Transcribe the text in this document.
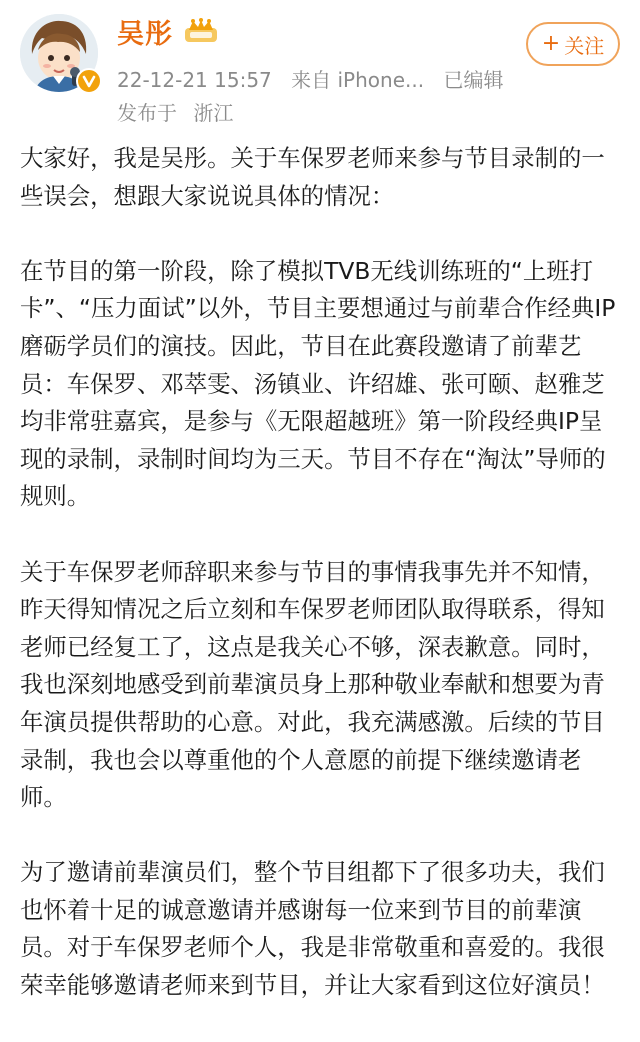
吴彤
22-12-21 15:57 来自 iPhone... 已编辑
发布于 浙江
+ 关注

大家好，我是吴彤。关于车保罗老师来参与节目录制的一些误会，想跟大家说说具体的情况：

在节目的第一阶段，除了模拟TVB无线训练班的“上班打卡”、“压力面试”以外，节目主要想通过与前辈合作经典IP磨砺学员们的演技。因此，节目在此赛段邀请了前辈艺员：车保罗、邓萃雯、汤镇业、许绍雄、张可颐、赵雅芝均非常驻嘉宾，是参与《无限超越班》第一阶段经典IP呈现的录制，录制时间均为三天。节目不存在“淘汰”导师的规则。

关于车保罗老师辞职来参与节目的事情我事先并不知情，昨天得知情况之后立刻和车保罗老师团队取得联系，得知老师已经复工了，这点是我关心不够，深表歉意。同时，我也深刻地感受到前辈演员身上那种敬业奉献和想要为青年演员提供帮助的心意。对此，我充满感激。后续的节目录制，我也会以尊重他的个人意愿的前提下继续邀请老师。

为了邀请前辈演员们，整个节目组都下了很多功夫，我们也怀着十足的诚意邀请并感谢每一位来到节目的前辈演员。对于车保罗老师个人，我是非常敬重和喜爱的。我很荣幸能够邀请老师来到节目，并让大家看到这位好演员！
